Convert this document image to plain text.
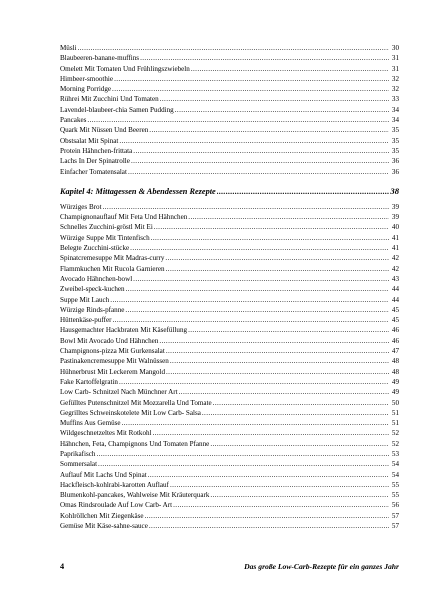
Müsli .....	30
Blaubeeren-banane-muffins .....	31
Omelett Mit Tomaten Und Frühlingszwiebeln .....	31
Himbeer-smoothie .....	32
Morning Porridge .....	32
Rührei Mit Zucchini Und Tomaten .....	33
Lavendel-blaubeer-chia Samen Pudding .....	34
Pancakes .....	34
Quark Mit Nüssen Und Beeren .....	35
Obstsalat Mit Spinat .....	35
Protein Hähnchen-frittata .....	35
Lachs In Der Spinatrolle .....	36
Einfacher Tomatensalat .....	36
Kapitel 4: Mittagessen & Abendessen Rezepte .....	38
Würziges Brot .....	39
Champignonauflauf Mit Feta Und Hähnchen .....	39
Schnelles Zucchini-gröstl Mit Ei .....	40
Würzige Suppe Mit Tintenfisch .....	41
Belegte Zucchini-stücke .....	41
Spinatcremesuppe Mit Madras-curry .....	42
Flammkuchen Mit Rucola Garnieren .....	42
Avocado Hähnchen-bowl .....	43
Zweibel-speck-kuchen .....	44
Suppe Mit Lauch .....	44
Würzige Rinds-pfanne .....	45
Hüttenkäse-puffer .....	45
Hausgemachter Hackbraten Mit Käsefüllung .....	46
Bowl Mit Avocado Und Hähnchen .....	46
Champignons-pizza Mit Gurkensalat .....	47
Pastinakencremesuppe Mit Walnüssen .....	48
Hühnerbrust Mit Leckerem Mangold .....	48
Fake Kartoffelgratin .....	49
Low Carb- Schnitzel Nach Münchner Art .....	49
Gefülltes Putenschnitzel Mit Mozzarella Und Tomate .....	50
Gegrilltes Schweinskotelete Mit Low Carb- Salsa .....	51
Muffins Aus Gemüse .....	51
Wildgeschnetzeltes Mit Rotkohl .....	52
Hähnchen, Feta, Champignons Und Tomaten Pfanne .....	52
Paprikafisch .....	53
Sommersalat .....	54
Auflauf Mit Lachs Und Spinat .....	54
Hackfleisch-kohlrabi-karotten Auflauf .....	55
Blumenkohl-pancakes, Wahlweise Mit Kräuterquark .....	55
Omas Rindsroulade Auf Low Carb- Art .....	56
Kohlröllchen Mit Ziegenkäse .....	57
Gemüse Mit Käse-sahne-sauce .....	57
4	Das große Low-Carb-Rezepte für ein ganzes Jahr
